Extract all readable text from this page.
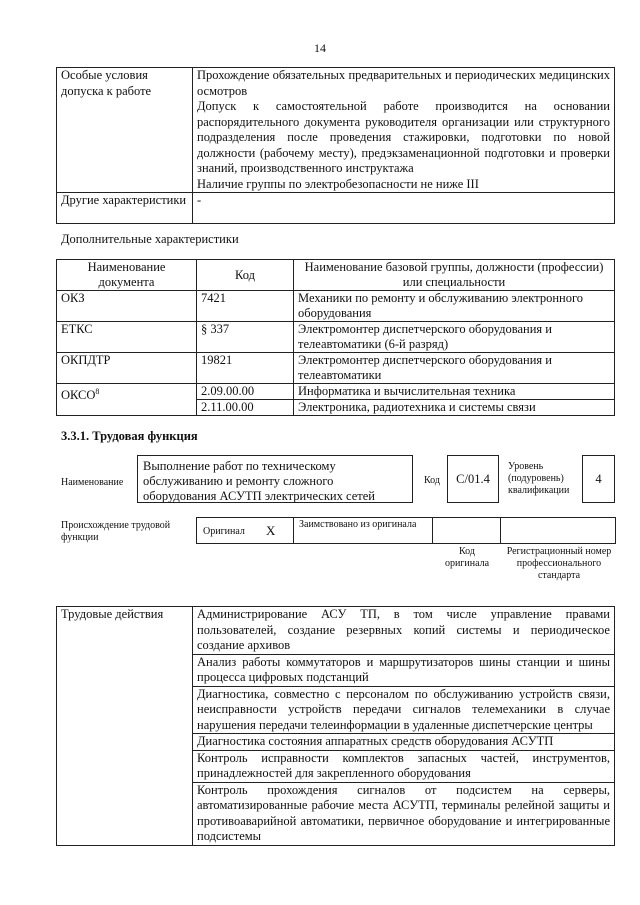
14
Особые условия допуска к работе	Прохождение обязательных предварительных и периодических медицинских осмотров
Допуск к самостоятельной работе производится на основании распорядительного документа руководителя организации или структурного подразделения после проведения стажировки, подготовки по новой должности (рабочему месту), предэкзаменационной подготовки и проверки знаний, производственного инструктажа
Наличие группы по электробезопасности не ниже III

Другие характеристики	-
Дополнительные характеристики
Наименование документа	Код	Наименование базовой группы, должности (профессии) или специальности
ОКЗ	7421	Механики по ремонту и обслуживанию электронного оборудования
ЕТКС	§ 337	Электромонтер диспетчерского оборудования и телеавтоматики (6-й разряд)
ОКПДТР	19821	Электромонтер диспетчерского оборудования и телеавтоматики
ОКСО$^8$	2.09.00.00	Информатика и вычислительная техника
	2.11.00.00	Электроника, радиотехника и системы связи
3.3.1. Трудовая функция
Наименование
Выполнение работ по техническому обслуживанию и ремонту сложного оборудования АСУТП электрических сетей
Код	C/01.4
Уровень (подуровень) квалификации
4
Происхождение трудовой функции
Оригинал X Заимствовано из оригинала
Код оригинала
Регистрационный номер профессионального стандарта
Трудовые действия	Администрирование АСУ ТП, в том числе управление правами пользователей, создание резервных копий системы и периодическое создание архивов
Анализ работы коммутаторов и маршрутизаторов шины станции и шины процесса цифровых подстанций
Диагностика, совместно с персоналом по обслуживанию устройств связи, неисправности устройств передачи сигналов телемеханики в случае нарушения передачи телеинформации в удаленные диспетчерские центры
Диагностика состояния аппаратных средств оборудования АСУТП
Контроль исправности комплектов запасных частей, инструментов, принадлежностей для закрепленного оборудования
Контроль прохождения сигналов от подсистем на серверы, автоматизированные рабочие места АСУТП, терминалы релейной защиты и противоаварийной автоматики, первичное оборудование и интегрированные подсистемы
